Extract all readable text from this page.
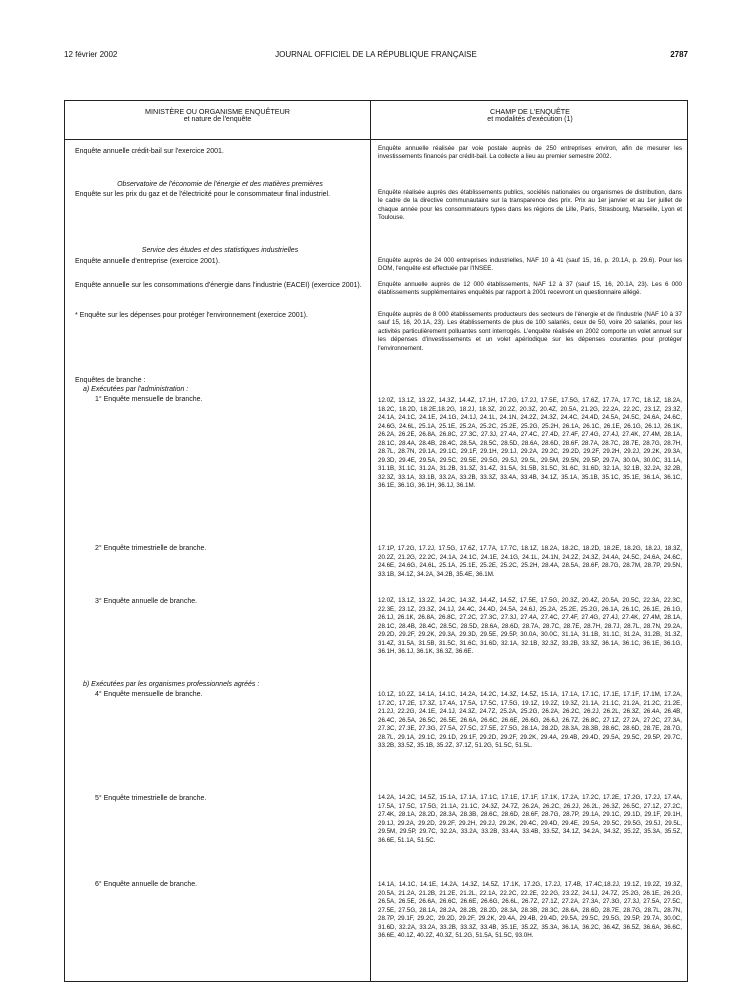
12 février 2002	JOURNAL OFFICIEL DE LA RÉPUBLIQUE FRANÇAISE	2787
MINISTÈRE OU ORGANISME ENQUÊTEUR
et nature de l'enquête
CHAMP DE L'ENQUÊTE
et modalités d'exécution (1)
Enquête annuelle crédit-bail sur l'exercice 2001.
Observatoire de l'économie de l'énergie et des matières premières
Enquête sur les prix du gaz et de l'électricité pour le consommateur final industriel.
Service des études et des statistiques industrielles
Enquête annuelle d'entreprise (exercice 2001).
Enquête annuelle sur les consommations d'énergie dans l'industrie (EACEI) (exercice 2001).
* Enquête sur les dépenses pour protéger l'environnement (exercice 2001).
Enquêtes de branche :
a) Exécutées par l'administration :
1° Enquête mensuelle de branche.
2° Enquête trimestrielle de branche.
3° Enquête annuelle de branche.
b) Exécutées par les organismes professionnels agréés :
4° Enquête mensuelle de branche.
5° Enquête trimestrielle de branche.
6° Enquête annuelle de branche.
Enquête annuelle réalisée par voie postale auprès de 250 entreprises environ, afin de mesurer les investissements financés par crédit-bail. La collecte a lieu au premier semestre 2002.
Enquête réalisée auprès des établissements publics, sociétés nationales ou organismes de distribution, dans le cadre de la directive communautaire sur la transparence des prix. Prix au 1er janvier et au 1er juillet de chaque année pour les consommateurs types dans les régions de Lille, Paris, Strasbourg, Marseille, Lyon et Toulouse.
Enquête auprès de 24 000 entreprises industrielles, NAF 10 à 41 (sauf 15, 16, p. 20.1A, p. 29.6). Pour les DOM, l'enquête est effectuée par l'INSEE.
Enquête annuelle auprès de 12 000 établissements, NAF 12 à 37 (sauf 15, 16, 20.1A, 23). Les 6 000 établissements supplémentaires enquêtés par rapport à 2001 recevront un questionnaire allégé.
Enquête auprès de 8 000 établissements producteurs des secteurs de l'énergie et de l'industrie (NAF 10 à 37 sauf 15, 16, 20.1A, 23). Les établissements de plus de 100 salariés, ceux de 50, voire 20 salariés, pour les activités particulièrement polluantes sont interrogés. L'enquête réalisée en 2002 comporte un volet annuel sur les dépenses d'investissements et un volet apériodique sur les dépenses courantes pour protéger l'environnement.
12.0Z, 13.1Z, 13.2Z, 14.3Z, 14.4Z, 17.1H, 17.2G, 17.2J, 17.5E, 17.5G, 17.6Z, 17.7A, 17.7C, 18.1Z, 18.2A, 18.2C, 18.2D, 18.2E,18.2G, 18.2J, 18.3Z, 20.2Z, 20.3Z, 20.4Z, 20.5A, 21.2G, 22.2A, 22.2C, 23.1Z, 23.3Z, 24.1A, 24.1C, 24.1E, 24.1G, 24.1J, 24.1L, 24.1N, 24.2Z, 24.3Z, 24.4C, 24.4D, 24.5A, 24.5C, 24.6A, 24.6C, 24.6G, 24.6L, 25.1A, 25.1E, 25.2A, 25.2C, 25.2E, 25.2G, 25.2H, 26.1A, 26.1C, 26.1E, 26.1G, 26.1J, 26.1K, 26.2A, 26.2E, 26.8A, 26.8C, 27.3C, 27.3J, 27.4A, 27.4C, 27.4D, 27.4F, 27.4G, 27.4J, 27.4K, 27.4M, 28.1A, 28.1C, 28.4A, 28.4B, 28.4C, 28.5A, 28.5C, 28.5D, 28.6A, 28.6D, 28.6F, 28.7A, 28.7C, 28.7E, 28.7G, 28.7H, 28.7L, 28.7N, 29.1A, 29.1C, 29.1F, 29.1H, 29.1J, 29.2A, 29.2C, 29.2D, 29.2F, 29.2H, 29.2J, 29.2K, 29.3A, 29.3D, 29.4E, 29.5A, 29.5C, 29.5E, 29.5G, 29.5J, 29.5L, 29.5M, 29.5N, 29.5P, 29.7A, 30.0A, 30.0C, 31.1A, 31.1B, 31.1C, 31.2A, 31.2B, 31.3Z, 31.4Z, 31.5A, 31.5B, 31.5C, 31.6C, 31.6D, 32.1A, 32.1B, 32.2A, 32.2B, 32.3Z, 33.1A, 33.1B, 33.2A, 33.2B, 33.3Z, 33.4A, 33.4B, 34.1Z, 35.1A, 35.1B, 35.1C, 35.1E, 36.1A, 36.1C, 36.1E, 36.1G, 36.1H, 36.1J, 36.1M.
17.1P, 17.2G, 17.2J, 17.5G, 17.6Z, 17.7A, 17.7C, 18.1Z, 18.2A, 18.2C, 18.2D, 18.2E, 18.2G, 18.2J, 18.3Z, 20.2Z, 21.2G, 22.2C, 24.1A, 24.1C, 24.1E, 24.1G, 24.1L, 24.1N, 24.2Z, 24.3Z, 24.4A, 24.5C, 24.6A, 24.6C, 24.6E, 24.6G, 24.6L, 25.1A, 25.1E, 25.2E, 25.2C, 25.2H, 28.4A, 28.5A, 28.6F, 28.7G, 28.7M, 28.7P, 29.5N, 33.1B, 34.1Z, 34.2A, 34.2B, 35.4E, 36.1M.
12.0Z, 13.1Z, 13.2Z, 14.2C, 14.3Z, 14.4Z, 14.5Z, 17.5E, 17.5G, 20.3Z, 20.4Z, 20.5A, 20.5C, 22.3A, 22.3C, 22.3E, 23.1Z, 23.3Z, 24.1J, 24.4C, 24.4D, 24.5A, 24.6J, 25.2A, 25.2E, 25.2G, 26.1A, 26.1C, 26.1E, 26.1G, 26.1J, 26.1K, 26.8A, 26.8C, 27.2C, 27.3C, 27.3J, 27.4A, 27.4C, 27.4F, 27.4G, 27.4J, 27.4K, 27.4M, 28.1A, 28.1C, 28.4B, 28.4C, 28.5C, 28.5D, 28.6A, 28.6D, 28.7A, 28.7C, 28.7E, 28.7H, 28.7J, 28.7L, 28.7N, 29.2A, 29.2D, 29.2F, 29.2K, 29.3A, 29.3D, 29.5E, 29.5P, 30.0A, 30.0C, 31.1A, 31.1B, 31.1C, 31.2A, 31.2B, 31.3Z, 31.4Z, 31.5A, 31.5B, 31.5C, 31.6C, 31.6D, 32.1A, 32.1B, 32.3Z, 33.2B, 33.3Z, 36.1A, 36.1C, 36.1E, 36.1G, 36.1H, 36.1J, 36.1K, 36.3Z, 36.6E.
10.1Z, 10.2Z, 14.1A, 14.1C, 14.2A, 14.2C, 14.3Z, 14.5Z, 15.1A, 17.1A, 17.1C, 17.1E, 17.1F, 17.1M, 17.2A, 17.2C, 17.2E, 17.3Z, 17.4A, 17.5A, 17.5C, 17.5G, 19.1Z, 19.2Z, 19.3Z, 21.1A, 21.1C, 21.2A, 21.2C, 21.2E, 21.2J, 22.2G, 24.1E, 24.1J, 24.3Z, 24.7Z, 25.2A, 25.2G, 26.2A, 26.2C, 26.2J, 26.2L, 26.3Z, 26.4A, 26.4B, 26.4C, 26.5A, 26.5C, 26.5E, 26.6A, 26.6C, 26.6E, 26.6G, 26.6J, 26.7Z, 26.8C, 27.1Z, 27.2A, 27.2C, 27.3A, 27.3C, 27.3E, 27.3G, 27.5A, 27.5C, 27.5E, 27.5G, 28.1A, 28.2D, 28.3A, 28.3B, 28.6C, 28.6D, 28.7E, 28.7G, 28.7L, 29.1A, 29.1C, 29.1D, 29.1F, 29.2D, 29.2F, 29.2K, 29.4A, 29.4B, 29.4D, 29.5A, 29.5C, 29.5P, 29.7C, 33.2B, 33.5Z, 35.1B, 35.2Z, 37.1Z, 51.2G, 51.5C, 51.5L.
14.2A, 14.2C, 14.5Z, 15.1A, 17.1A, 17.1C, 17.1E, 17.1F, 17.1K, 17.2A, 17.2C, 17.2E, 17.2G, 17.2J, 17.4A, 17.5A, 17.5C, 17.5G, 21.1A, 21.1C, 24.3Z, 24.7Z, 26.2A, 26.2C, 26.2J, 26.2L, 26.3Z, 26.5C, 27.1Z, 27.2C, 27.4K, 28.1A, 28.2D, 28.3A, 28.3B, 28.6C, 28.6D, 28.6F, 28.7G, 28.7P, 29.1A, 29.1C, 29.1D, 29.1F, 29.1H, 29.1J, 29.2A, 29.2D, 29.2F, 29.2H, 29.2J, 29.2K, 29.4C, 29.4D, 29.4E, 29.5A, 29.5C, 29.5G, 29.5J, 29.5L, 29.5M, 29.5P, 29.7C, 32.2A, 33.2A, 33.2B, 33.4A, 33.4B, 33.5Z, 34.1Z, 34.2A, 34.3Z, 35.2Z, 35.3A, 35.5Z, 36.6E, 51.1A, 51.5C.
14.1A, 14.1C, 14.1E, 14.2A, 14.3Z, 14.5Z, 17.1K, 17.2G, 17.2J, 17.4B, 17.4C,18.2J, 19.1Z, 19.2Z, 19.3Z, 20.5A, 21.2A, 21.2B, 21.2E, 21.2L, 22.1A, 22.2C, 22.2E, 22.2G, 23.2Z, 24.1J, 24.7Z, 25.2G, 26.1E, 26.2G, 26.5A, 26.5E, 26.6A, 26.6C, 26.6E, 26.6G, 26.6L, 26.7Z, 27.1Z, 27.2A, 27.3A, 27.3G, 27.3J, 27.5A, 27.5C, 27.5E, 27.5G, 28.1A, 28.2A, 28.2B, 28.2D, 28.3A, 28.3B, 28.3C, 28.6A, 28.6D, 28.7E, 28.7G, 28.7L, 28.7N, 28.7P, 29.1F, 29.2C, 29.2D, 29.2F, 29.2K, 29.4A, 29.4B, 29.4D, 29.5A, 29.5C, 29.5G, 29.5P, 29.7A, 30.0C, 31.6D, 32.2A, 33.2A, 33.2B, 33.3Z, 33.4B, 35.1E, 35.2Z, 35.3A, 36.1A, 36.2C, 36.4Z, 36.5Z, 36.6A, 36.6C, 36.6E, 40.1Z, 40.2Z, 40.3Z, 51.2G, 51.5A, 51.5C, 93.0H.
